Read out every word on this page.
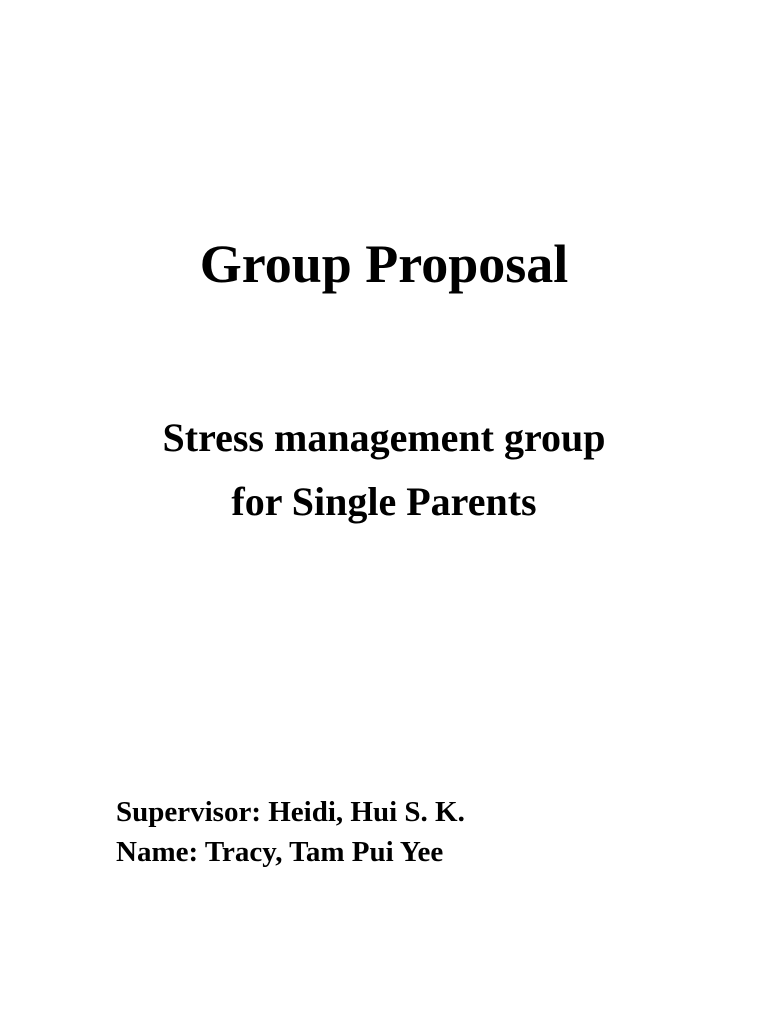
Group Proposal
Stress management group
for Single Parents
Supervisor: Heidi, Hui S. K.
Name: Tracy, Tam Pui Yee
